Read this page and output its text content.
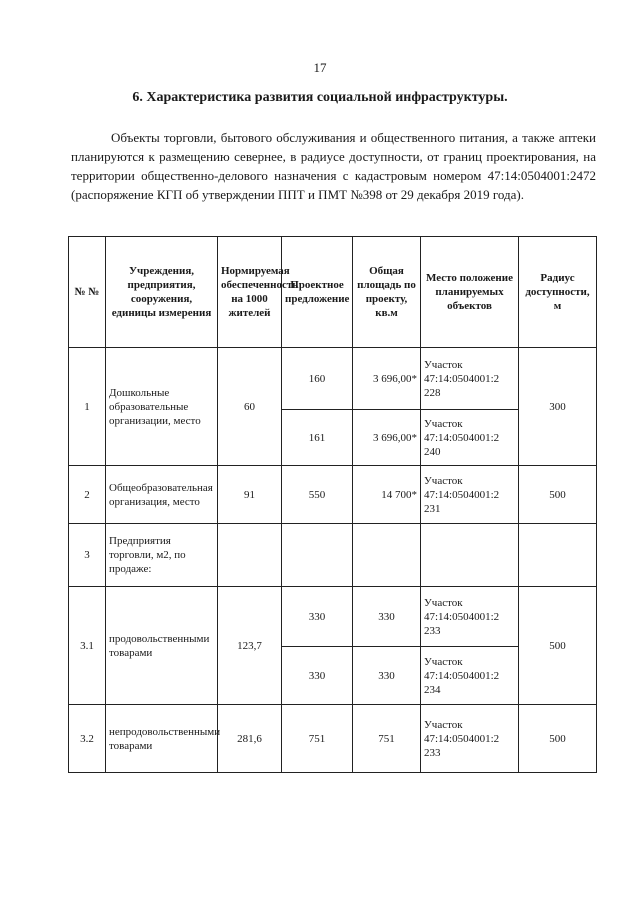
17
6. Характеристика развития социальной инфраструктуры.

Объекты торговли, бытового обслуживания и общественного питания, а также аптеки планируются к размещению севернее, в радиусе доступности, от границ проектирования, на территории общественно-делового назначения с кадастровым номером 47:14:0504001:2472 (распоряжение КГП об утверждении ППТ и ПМТ №398 от 29 декабря 2019 года).

№ №	Учреждения, предприятия, сооружения, единицы измерения	Нормируемая обеспеченность на 1000 жителей	Проектное предложение	Общая площадь по проекту, кв.м	Место положение планируемых объектов	Радиус доступности, м
1	Дошкольные образовательные организации, место	60	160	3 696,00*	Участок 47:14:0504001:2 228	300
			161	3 696,00*	Участок 47:14:0504001:2 240	
2	Общеобразовательная организация, место	91	550	14 700*	Участок 47:14:0504001:2 231	500
3	Предприятия торговли, м2, по продаже:					
3.1	продовольственными товарами	123,7	330	330	Участок 47:14:0504001:2 233	500
			330	330	Участок 47:14:0504001:2 234	
3.2	непродовольственными товарами	281,6	751	751	Участок 47:14:0504001:2 233	500
